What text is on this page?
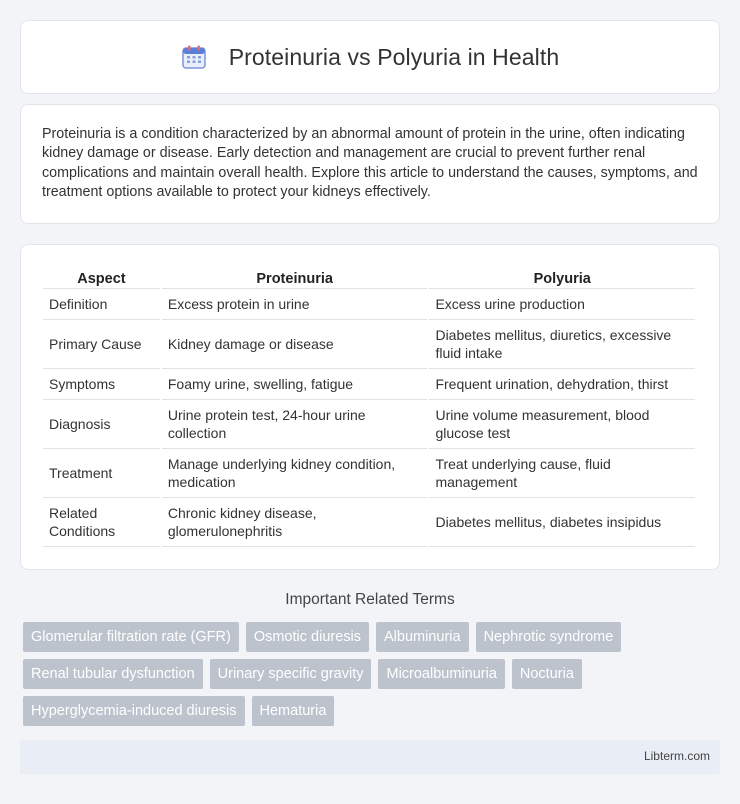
Proteinuria vs Polyuria in Health

Proteinuria is a condition characterized by an abnormal amount of protein in the urine, often indicating kidney damage or disease. Early detection and management are crucial to prevent further renal complications and maintain overall health. Explore this article to understand the causes, symptoms, and treatment options available to protect your kidneys effectively.

Aspect	Proteinuria	Polyuria
Definition	Excess protein in urine	Excess urine production
Primary Cause	Kidney damage or disease	Diabetes mellitus, diuretics, excessive fluid intake
Symptoms	Foamy urine, swelling, fatigue	Frequent urination, dehydration, thirst
Diagnosis	Urine protein test, 24-hour urine collection	Urine volume measurement, blood glucose test
Treatment	Manage underlying kidney condition, medication	Treat underlying cause, fluid management
Related Conditions	Chronic kidney disease, glomerulonephritis	Diabetes mellitus, diabetes insipidus
Important Related Terms
Glomerular filtration rate (GFR)	Osmotic diuresis	Albuminuria	Nephrotic syndrome
Renal tubular dysfunction	Urinary specific gravity	Microalbuminuria	Nocturia
Hyperglycemia-induced diuresis	Hematuria
Libterm.com
